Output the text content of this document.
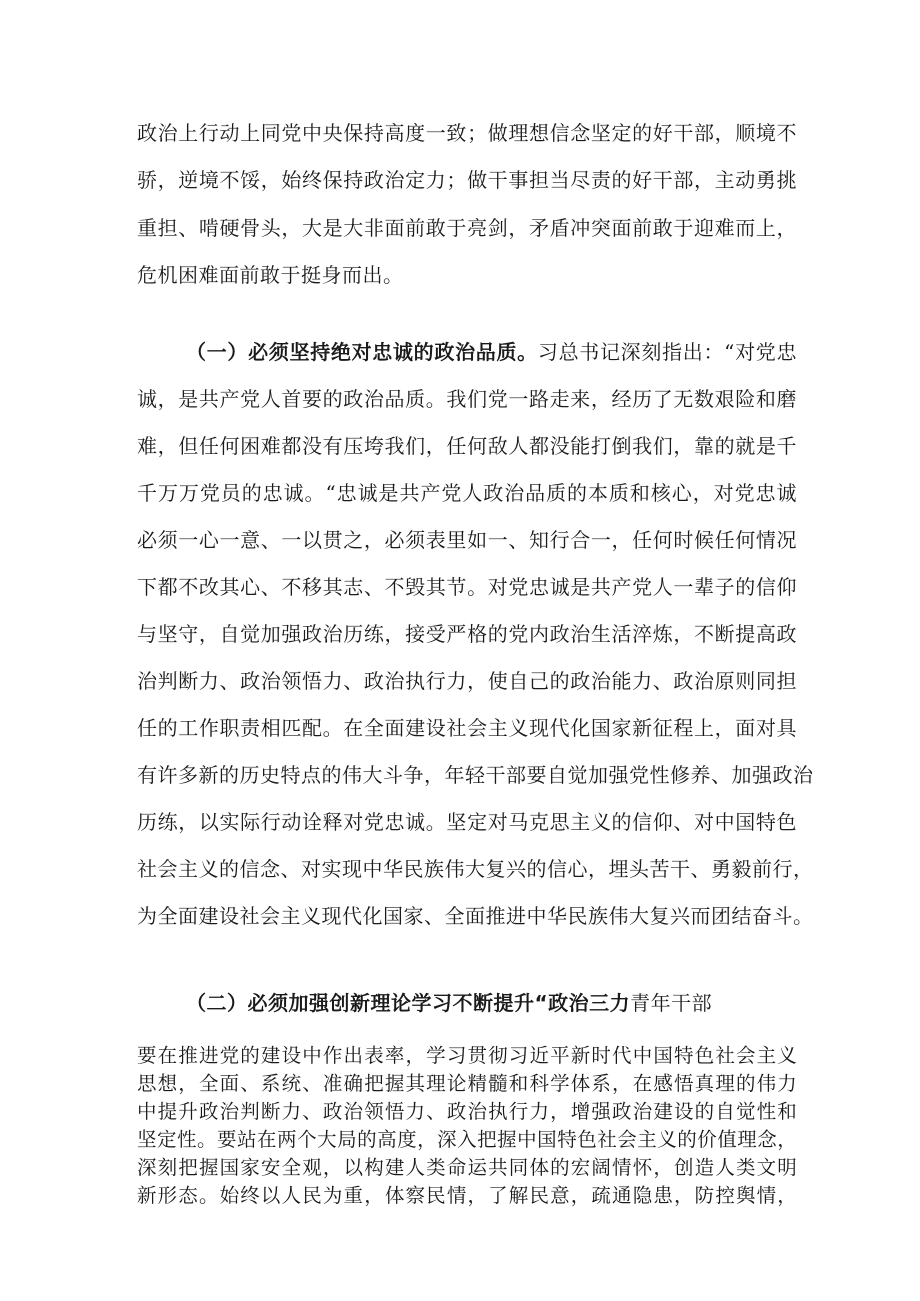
政治上行动上同党中央保持高度一致；做理想信念坚定的好干部，顺境不
骄，逆境不馁，始终保持政治定力；做干事担当尽责的好干部，主动勇挑
重担、啃硬骨头，大是大非面前敢于亮剑，矛盾冲突面前敢于迎难而上，
危机困难面前敢于挺身而出。
（一）必须坚持绝对忠诚的政治品质。习总书记深刻指出：“对党忠
诚，是共产党人首要的政治品质。我们党一路走来，经历了无数艰险和磨
难，但任何困难都没有压垮我们，任何敌人都没能打倒我们，靠的就是千
千万万党员的忠诚。“忠诚是共产党人政治品质的本质和核心，对党忠诚
必须一心一意、一以贯之，必须表里如一、知行合一，任何时候任何情况
下都不改其心、不移其志、不毁其节。对党忠诚是共产党人一辈子的信仰
与坚守，自觉加强政治历练，接受严格的党内政治生活淬炼，不断提高政
治判断力、政治领悟力、政治执行力，使自己的政治能力、政治原则同担
任的工作职责相匹配。在全面建设社会主义现代化国家新征程上，面对具
有许多新的历史特点的伟大斗争，年轻干部要自觉加强党性修养、加强政治
历练，以实际行动诠释对党忠诚。坚定对马克思主义的信仰、对中国特色
社会主义的信念、对实现中华民族伟大复兴的信心，埋头苦干、勇毅前行，
为全面建设社会主义现代化国家、全面推进中华民族伟大复兴而团结奋斗。
（二）必须加强创新理论学习不断提升“政治三力青年干部
要在推进党的建设中作出表率，学习贯彻习近平新时代中国特色社会主义
思想，全面、系统、准确把握其理论精髓和科学体系，在感悟真理的伟力
中提升政治判断力、政治领悟力、政治执行力，增强政治建设的自觉性和
坚定性。要站在两个大局的高度，深入把握中国特色社会主义的价值理念，
深刻把握国家安全观，以构建人类命运共同体的宏阔情怀，创造人类文明
新形态。始终以人民为重，体察民情，了解民意，疏通隐患，防控舆情，
